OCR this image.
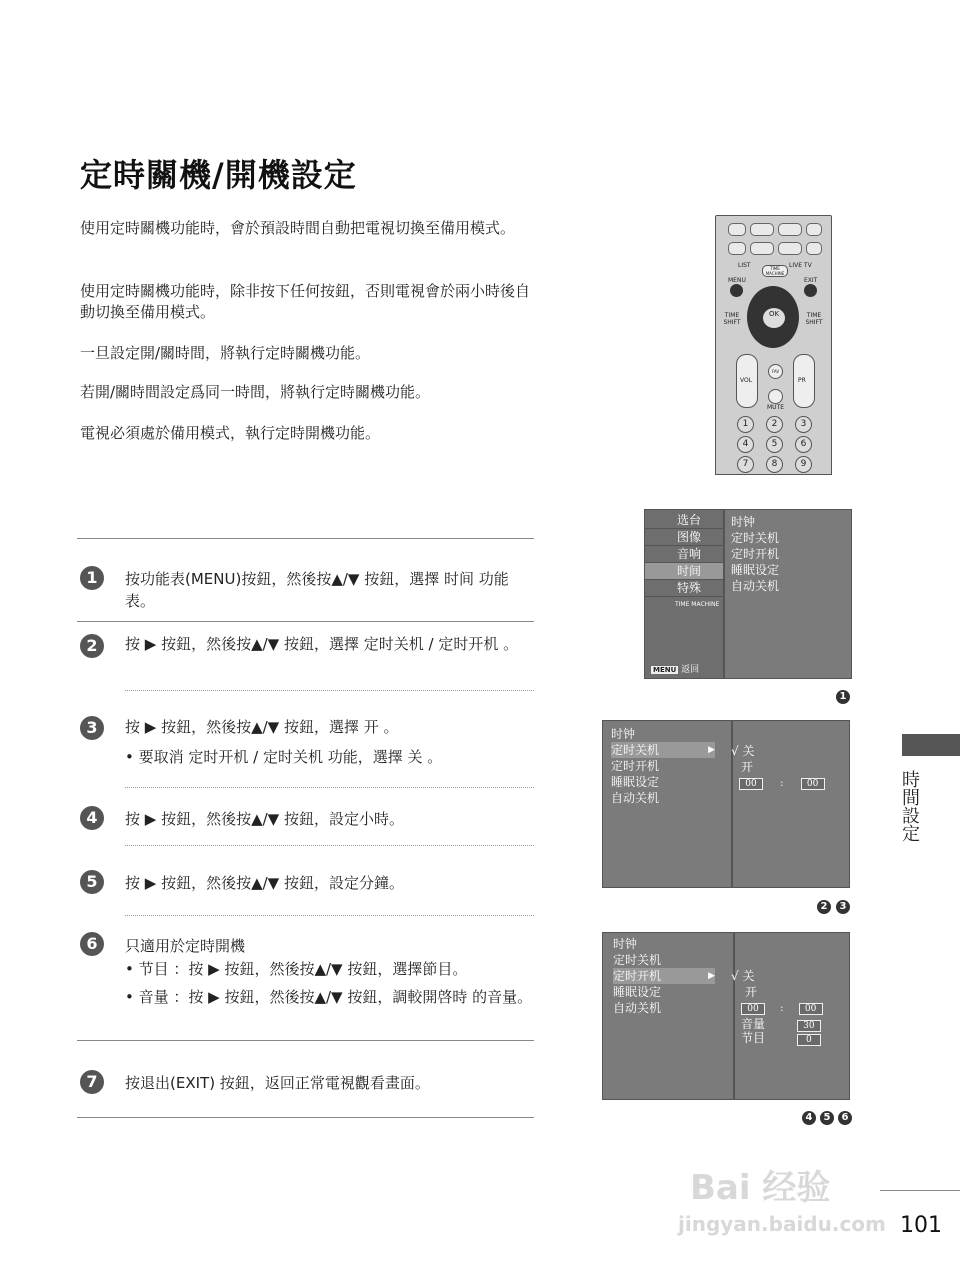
定時關機/開機設定
使用定時關機功能時，會於預設時間自動把電視切換至備用模式。
使用定時關機功能時，除非按下任何按鈕，否則電視會於兩小時後自動切換至備用模式。
一旦設定開/關時間，將執行定時關機功能。
若開/關時間設定爲同一時間，將執行定時關機功能。
電視必須處於備用模式，執行定時開機功能。
1	按功能表(MENU)按鈕，然後按▲/▼ 按鈕，選擇 时间 功能表。
2	按 ▶ 按鈕，然後按▲/▼ 按鈕，選擇 定时关机 / 定时开机 。
3	按 ▶ 按鈕，然後按▲/▼ 按鈕，選擇 开 。
• 要取消 定时开机 / 定时关机 功能，選擇 关 。
4	按 ▶ 按鈕，然後按▲/▼ 按鈕，設定小時。
5	按 ▶ 按鈕，然後按▲/▼ 按鈕，設定分鐘。
6	只適用於定時開機
• 节目 ：按 ▶ 按鈕，然後按▲/▼ 按鈕，選擇節目。
• 音量 ：按 ▶ 按鈕，然後按▲/▼ 按鈕，調較開啓時 的音量。
7	按退出(EXIT) 按鈕，返回正常電視觀看畫面。
LIST	TIME MACHINE
LIVE TV
MENU	EXIT
OK
TIME SHIFT
TIME SHIFT
VOL	PR
FAV
MUTE
1	2	3
4	5	6
7	8	9
选台
图像
音响
时间
特殊
TIME MACHINE
MENU 返回
时钟
定时关机
定时开机
睡眠设定
自动关机
1
时钟
定时关机	▶
定时开机
睡眠设定
自动关机
√ 关
开
00 :	00
2	3
时钟
定时关机
定时开机	▶
睡眠设定
自动关机
√ 关
开
00 : 00
音量	30
节目	0
4	5	6
時間設定
101
Bai 经验
jingyan.baidu.com
